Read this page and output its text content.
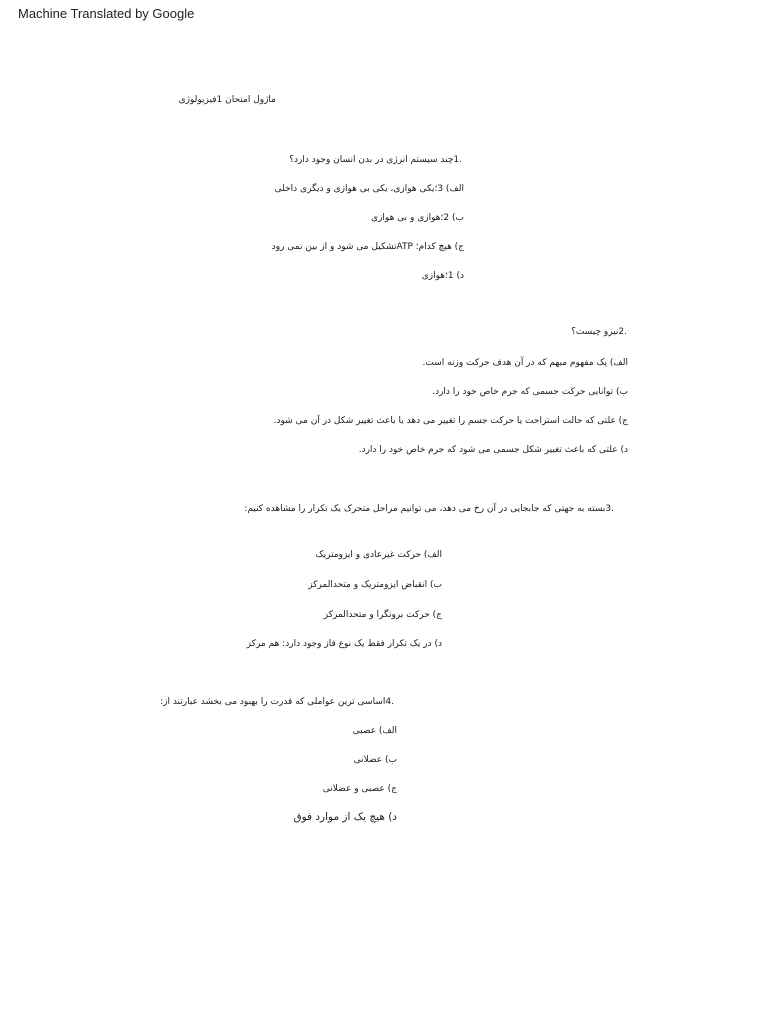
Machine Translated by Google
ماژول امتحان 1فیزیولوژی
.1چند سیستم انرژی در بدن انسان وجود دارد؟
الف) 3؛یکی هوازی، یکی بی هوازی و دیگری داخلی
ب) 2؛هوازی و بی هوازی
ج) هیچ کدام؛ ATPتشکیل می شود و از بین نمی رود
د) 1؛هوازی
.2نیرو چیست؟
الف) یک مفهوم مبهم که در آن هدف حرکت وزنه است.
ب) توانایی حرکت جسمی که جرم خاص خود را دارد.
ج) علتی که حالت استراحت یا حرکت جسم را تغییر می دهد یا باعث تغییر شکل در آن می شود.
د) علتی که باعث تغییر شکل جسمی می شود که جرم خاص خود را دارد.
.3بسته به جهتی که جابجایی در آن رخ می دهد، می توانیم مراحل متحرک یک تکرار را مشاهده کنیم:
الف) حرکت غیرعادی و ایزومتریک
ب) انقباض ایزومتریک و متحدالمرکز
ج) حرکت برونگرا و متحدالمرکز
د) در یک تکرار فقط یک نوع فاز وجود دارد: هم مرکز
.4اساسی ترین عواملی که قدرت را بهبود می بخشد عبارتند از:
الف) عصبی
ب) عضلانی
ج) عصبی و عضلانی
د) هیچ یک از موارد فوق
